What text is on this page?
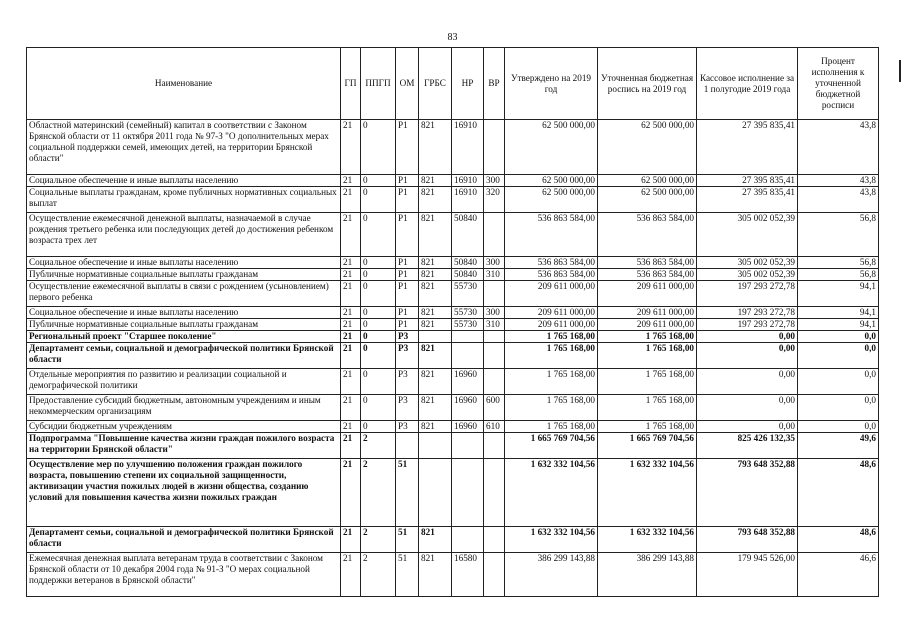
83
Наименование	ГП	ППГП	ОМ	ГРБС	НР	ВР	Утверждено на 2019 год	Уточненная бюджетная роспись на 2019 год	Кассовое исполнение за 1 полугодие 2019 года	Процент исполнения к уточненной бюджетной росписи
Областной материнский (семейный) капитал в соответствии с Законом Брянской области от 11 октября 2011 года № 97-З "О дополнительных мерах социальной поддержки семей, имеющих детей, на территории Брянской области"	21	0	P1	821	16910		62 500 000,00	62 500 000,00	27 395 835,41	43,8
Социальное обеспечение и иные выплаты населению	21	0	P1	821	16910	300	62 500 000,00	62 500 000,00	27 395 835,41	43,8
Социальные выплаты гражданам, кроме публичных нормативных социальных выплат	21	0	P1	821	16910	320	62 500 000,00	62 500 000,00	27 395 835,41	43,8
Осуществление ежемесячной денежной выплаты, назначаемой в случае рождения третьего ребенка или последующих детей до достижения ребенком возраста трех лет	21	0	P1	821	50840		536 863 584,00	536 863 584,00	305 002 052,39	56,8
Социальное обеспечение и иные выплаты населению	21	0	P1	821	50840	300	536 863 584,00	536 863 584,00	305 002 052,39	56,8
Публичные нормативные социальные выплаты гражданам	21	0	P1	821	50840	310	536 863 584,00	536 863 584,00	305 002 052,39	56,8
Осуществление ежемесячной выплаты в связи с рождением (усыновлением) первого ребенка	21	0	P1	821	55730		209 611 000,00	209 611 000,00	197 293 272,78	94,1
Социальное обеспечение и иные выплаты населению	21	0	P1	821	55730	300	209 611 000,00	209 611 000,00	197 293 272,78	94,1
Публичные нормативные социальные выплаты гражданам	21	0	P1	821	55730	310	209 611 000,00	209 611 000,00	197 293 272,78	94,1
Региональный проект "Старшее поколение"	21	0	P3				1 765 168,00	1 765 168,00	0,00	0,0
Департамент семьи, социальной и демографической политики Брянской области	21	0	P3	821			1 765 168,00	1 765 168,00	0,00	0,0
Отдельные мероприятия по развитию и реализации социальной и демографической политики	21	0	P3	821	16960		1 765 168,00	1 765 168,00	0,00	0,0
Предоставление субсидий бюджетным, автономным учреждениям и иным некоммерческим организациям	21	0	P3	821	16960	600	1 765 168,00	1 765 168,00	0,00	0,0
Субсидии бюджетным учреждениям	21	0	P3	821	16960	610	1 765 168,00	1 765 168,00	0,00	0,0
Подпрограмма "Повышение качества жизни граждан пожилого возраста на территории Брянской области"	21	2					1 665 769 704,56	1 665 769 704,56	825 426 132,35	49,6
Осуществление мер по улучшению положения граждан пожилого возраста, повышению степени их социальной защищенности, активизации участия пожилых людей в жизни общества, созданию условий для повышения качества жизни пожилых граждан	21	2	51				1 632 332 104,56	1 632 332 104,56	793 648 352,88	48,6
Департамент семьи, социальной и демографической политики Брянской области	21	2	51	821			1 632 332 104,56	1 632 332 104,56	793 648 352,88	48,6
Ежемесячная денежная выплата ветеранам труда в соответствии с Законом Брянской области от 10 декабря 2004 года № 91-З "О мерах социальной поддержки ветеранов в Брянской области"	21	2	51	821	16580		386 299 143,88	386 299 143,88	179 945 526,00	46,6
